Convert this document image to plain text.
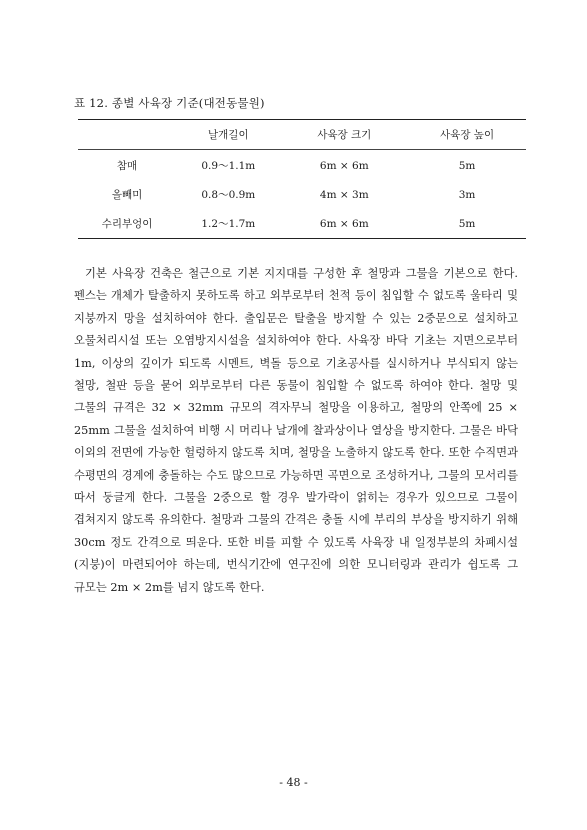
표 12. 종별 사육장 기준(대전동물원)
	날개길이	사육장 크기	사육장 높이
참매	0.9～1.1m	6m × 6m	5m
올빼미	0.8～0.9m	4m × 3m	3m
수리부엉이	1.2～1.7m	6m × 6m	5m

기본 사육장 건축은 철근으로 기본 지지대를 구성한 후 철망과 그물을 기본으로 한다. 펜스는 개체가 탈출하지 못하도록 하고 외부로부터 천적 등이 침입할 수 없도록 울타리 및 지붕까지 망을 설치하여야 한다. 출입문은 탈출을 방지할 수 있는 2중문으로 설치하고 오물처리시설 또는 오염방지시설을 설치하여야 한다. 사육장 바닥 기초는 지면으로부터 1m, 이상의 깊이가 되도록 시멘트, 벽돌 등으로 기초공사를 실시하거나 부식되지 않는 철망, 철판 등을 묻어 외부로부터 다른 동물이 침입할 수 없도록 하여야 한다. 철망 및 그물의 규격은 32 × 32mm 규모의 격자무늬 철망을 이용하고, 철망의 안쪽에 25 × 25mm 그물을 설치하여 비행 시 머리나 날개에 찰과상이나 열상을 방지한다. 그물은 바닥 이외의 전면에 가능한 헐렁하지 않도록 치며, 철망을 노출하지 않도록 한다. 또한 수직면과 수평면의 경계에 충돌하는 수도 많으므로 가능하면 곡면으로 조성하거나, 그물의 모서리를 따서 둥글게 한다. 그물을 2중으로 할 경우 발가락이 얽히는 경우가 있으므로 그물이 겹쳐지지 않도록 유의한다. 철망과 그물의 간격은 충돌 시에 부리의 부상을 방지하기 위해 30cm 정도 간격으로 띄운다. 또한 비를 피할 수 있도록 사육장 내 일정부분의 차폐시설(지붕)이 마련되어야 하는데, 번식기간에 연구진에 의한 모니터링과 관리가 쉽도록 그 규모는 2m × 2m를 넘지 않도록 한다.

- 48 -
